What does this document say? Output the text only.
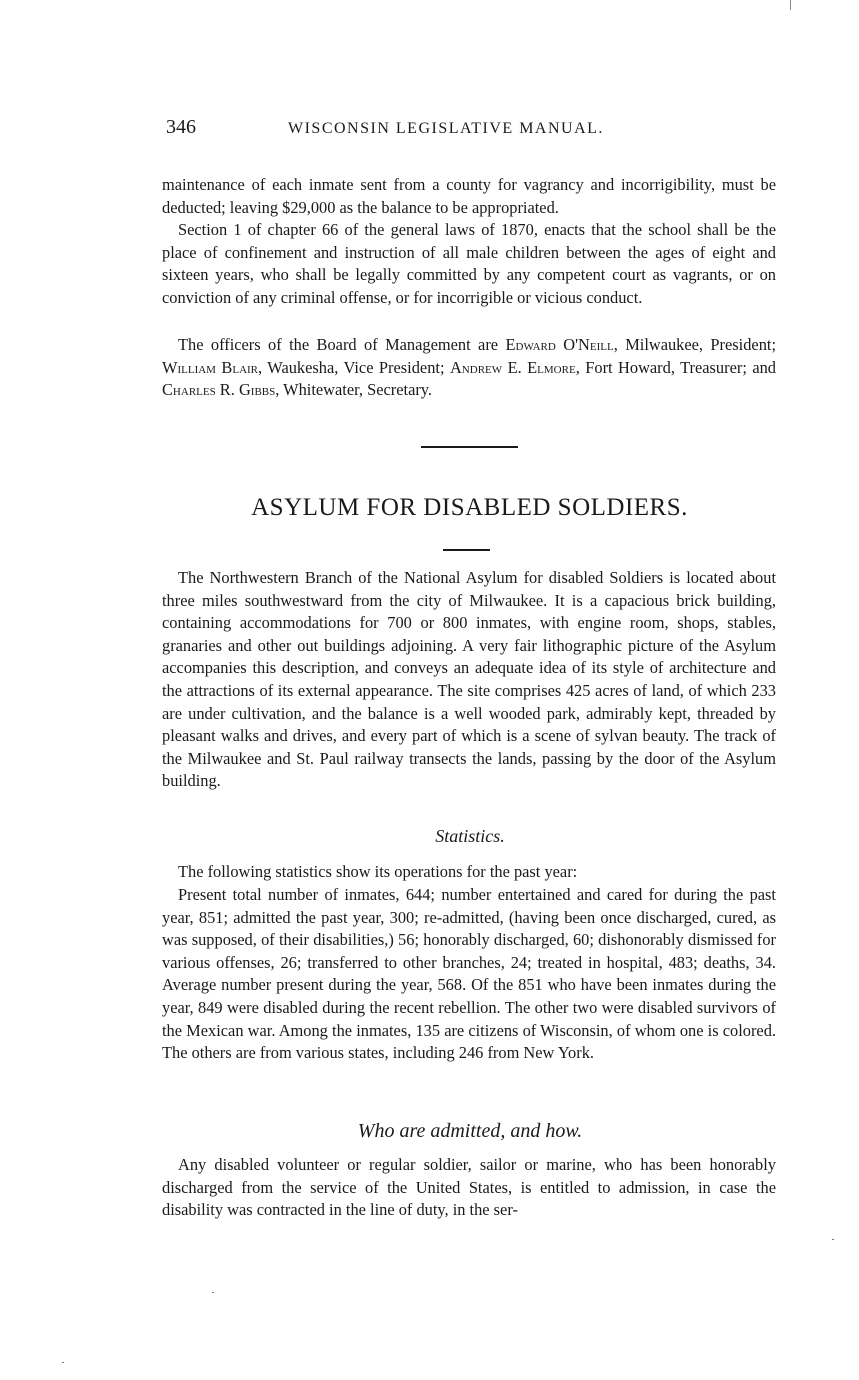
346	WISCONSIN LEGISLATIVE MANUAL.

maintenance of each inmate sent from a county for vagrancy and incorrigibility, must be deducted; leaving $29,000 as the balance to be appropriated.

Section 1 of chapter 66 of the general laws of 1870, enacts that the school shall be the place of confinement and instruction of all male children between the ages of eight and sixteen years, who shall be legally committed by any competent court as vagrants, or on conviction of any criminal offense, or for incorrigible or vicious conduct.

The officers of the Board of Management are Edward O'Neill, Milwaukee, President; William Blair, Waukesha, Vice President; Andrew E. Elmore, Fort Howard, Treasurer; and Charles R. Gibbs, Whitewater, Secretary.

ASYLUM FOR DISABLED SOLDIERS.

The Northwestern Branch of the National Asylum for disabled Soldiers is located about three miles southwestward from the city of Milwaukee. It is a capacious brick building, containing accommodations for 700 or 800 inmates, with engine room, shops, stables, granaries and other out buildings adjoining. A very fair lithographic picture of the Asylum accompanies this description, and conveys an adequate idea of its style of architecture and the attractions of its external appearance. The site comprises 425 acres of land, of which 233 are under cultivation, and the balance is a well wooded park, admirably kept, threaded by pleasant walks and drives, and every part of which is a scene of sylvan beauty. The track of the Milwaukee and St. Paul railway transects the lands, passing by the door of the Asylum building.

Statistics.

The following statistics show its operations for the past year:

Present total number of inmates, 644; number entertained and cared for during the past year, 851; admitted the past year, 300; re-admitted, (having been once discharged, cured, as was supposed, of their disabilities,) 56; honorably discharged, 60; dishonorably dismissed for various offenses, 26; transferred to other branches, 24; treated in hospital, 483; deaths, 34. Average number present during the year, 568. Of the 851 who have been inmates during the year, 849 were disabled during the recent rebellion. The other two were disabled survivors of the Mexican war. Among the inmates, 135 are citizens of Wisconsin, of whom one is colored. The others are from various states, including 246 from New York.

Who are admitted, and how.

Any disabled volunteer or regular soldier, sailor or marine, who has been honorably discharged from the service of the United States, is entitled to admission, in case the disability was contracted in the line of duty, in the ser-
